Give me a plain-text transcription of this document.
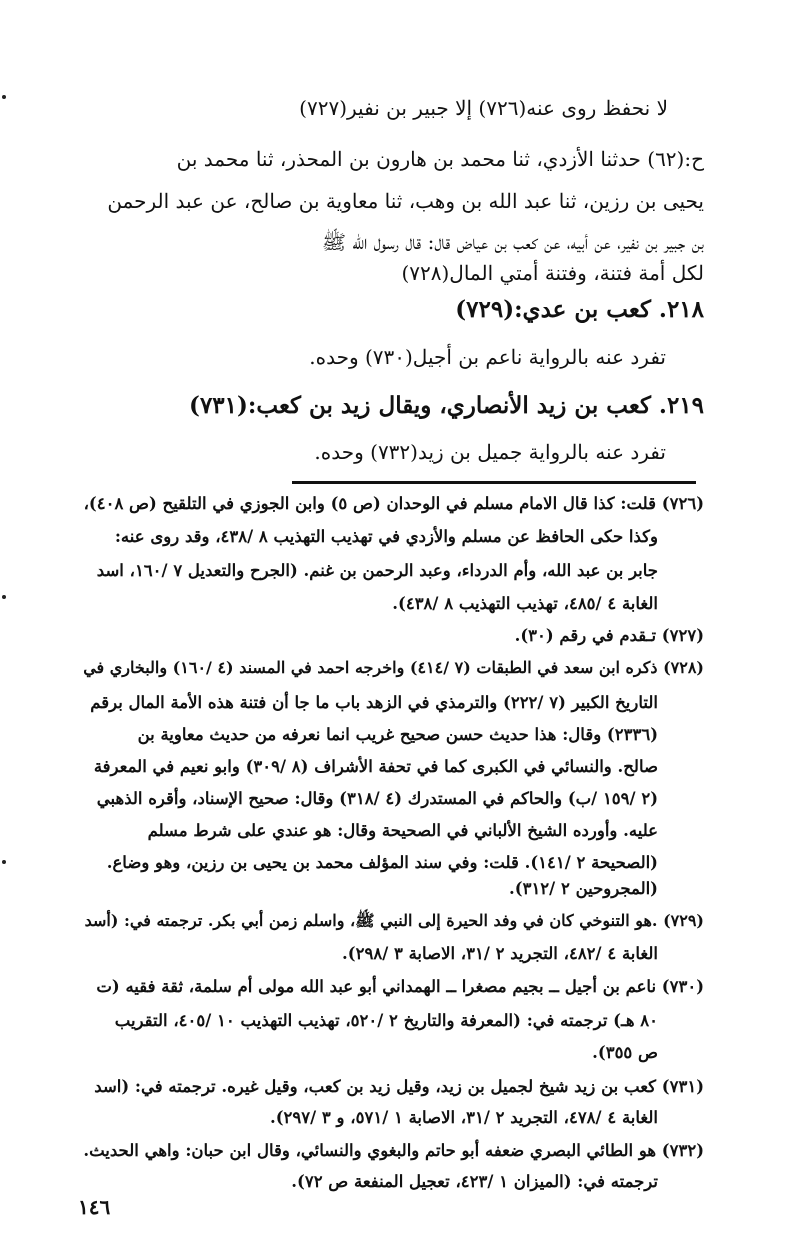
لا نحفظ روى عنه(٧٢٦) إلا جبير بن نفير(٧٢٧)
ح:(٦٢) حدثنا الأزدي، ثنا محمد بن هارون بن المحذر، ثنا محمد بن
يحيى بن رزين، ثنا عبد الله بن وهب، ثنا معاوية بن صالح، عن عبد الرحمن
بن جبير بن نفير، عن أبيه، عن كعب بن عياض قال: قال رسول الله ﷺ
لكل أمة فتنة، وفتنة أمتي المال(٧٢٨)
٢١٨. كعب بن عدي:(٧٢٩)
تفرد عنه بالرواية ناعم بن أجيل(٧٣٠) وحده.
٢١٩. كعب بن زيد الأنصاري، ويقال زيد بن كعب:(٧٣١)
تفرد عنه بالرواية جميل بن زيد(٧٣٢) وحده.
(٧٢٦) قلت: كذا قال الامام مسلم في الوحدان (ص ٥) وابن الجوزي في التلقيح (ص ٤٠٨)،
وكذا حكى الحافظ عن مسلم والأزدي في تهذيب التهذيب ٨ /٤٣٨، وقد روى عنه:
جابر بن عبد الله، وأم الدرداء، وعبد الرحمن بن غنم. (الجرح والتعديل ٧ /١٦٠، اسد
الغابة ٤ /٤٨٥، تهذيب التهذيب ٨ /٤٣٨).
(٧٢٧) تـقدم في رقم (٣٠).
(٧٢٨) ذكره ابن سعد في الطبقات (٧ /٤١٤) واخرجه احمد في المسند (٤ /١٦٠) والبخاري في
التاريخ الكبير (٧ /٢٢٢) والترمذي في الزهد باب ما جا أن فتنة هذه الأمة المال برقم
(٢٣٣٦) وقال: هذا حديث حسن صحيح غريب انما نعرفه من حديث معاوية بن
صالح. والنسائي في الكبرى كما في تحفة الأشراف (٨ /٣٠٩) وابو نعيم في المعرفة
(٢ /١٥٩ /ب) والحاكم في المستدرك (٤ /٣١٨) وقال: صحيح الإسناد، وأقره الذهبي
عليه. وأورده الشيخ الألباني في الصحيحة وقال: هو عندي على شرط مسلم
(الصحيحة ٢ /١٤١). قلت: وفي سند المؤلف محمد بن يحيى بن رزين، وهو وضاع.
(المجروحين ٢ /٣١٢).
(٧٢٩) .هو التنوخي كان في وفد الحيرة إلى النبي ﷺ، واسلم زمن أبي بكر. ترجمته في: (أسد
الغابة ٤ /٤٨٢، التجريد ٢ /٣١، الاصابة ٣ /٢٩٨).
(٧٣٠) ناعم بن أجيل ــ بجيم مصغرا ــ الهمداني أبو عبد الله مولى أم سلمة، ثقة فقيه (ت
٨٠ هـ) ترجمته في: (المعرفة والتاريخ ٢ /٥٢٠، تهذيب التهذيب ١٠ /٤٠٥، التقريب
ص ٣٥٥).
(٧٣١) كعب بن زيد شيخ لجميل بن زيد، وقيل زيد بن كعب، وقيل غيره. ترجمته في: (اسد
الغابة ٤ /٤٧٨، التجريد ٢ /٣١، الاصابة ١ /٥٧١، و ٣ /٢٩٧).
(٧٣٢) هو الطائي البصري ضعفه أبو حاتم والبغوي والنسائي، وقال ابن حبان: واهي الحديث.
ترجمته في: (الميزان ١ /٤٢٣، تعجيل المنفعة ص ٧٢).
١٤٦
